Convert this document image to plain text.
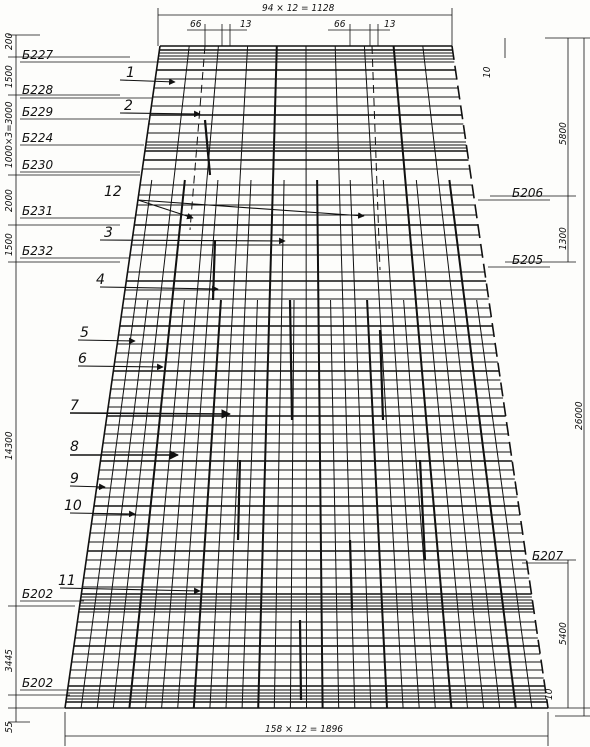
94 × 12 = 1128
66	13	66	13
158 × 12 = 1896
200
1500
1000×3=3000
2000
1500
14300
3445
55
10
5800
1300
26000
5400
10
Б227
Б228
Б229
Б224
Б230
Б231
Б232
Б202
Б202
Б206
Б205
Б207
1
2
12
3
4
5
6
7
8
9
10
11
